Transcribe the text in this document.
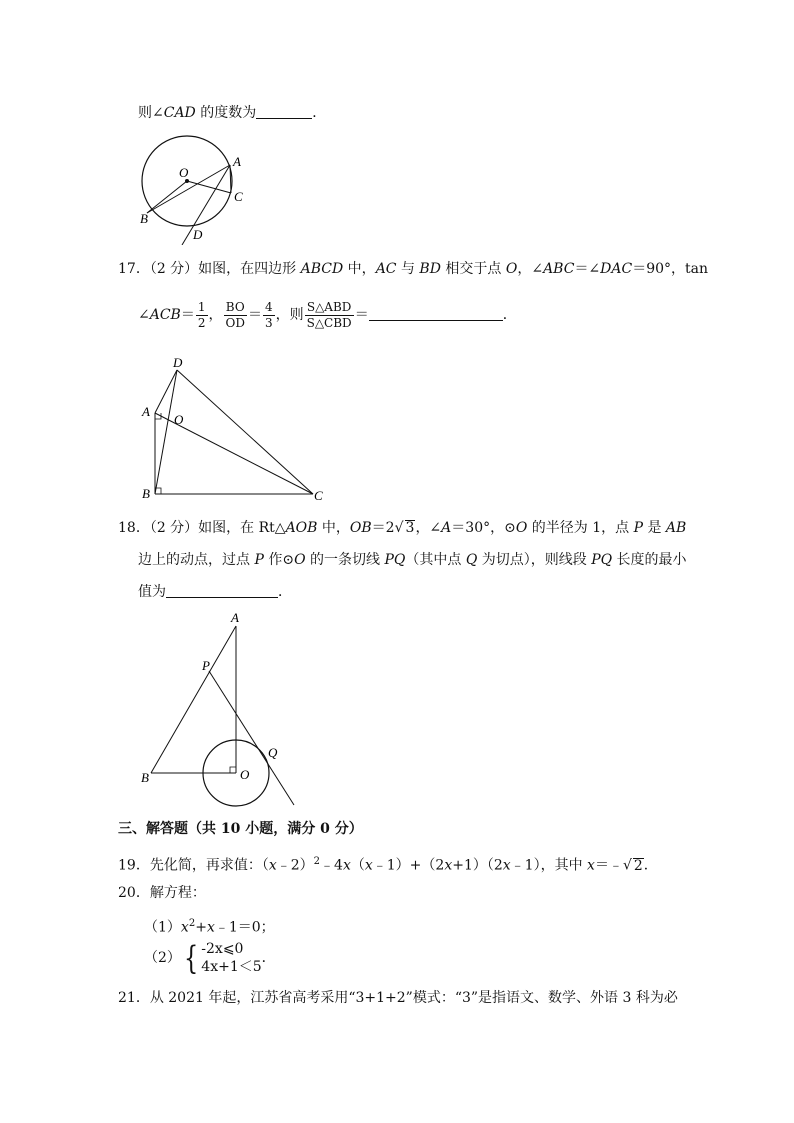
则∠CAD 的度数为	．
O
A
B
C
D
17．（2 分）如图，在四边形 ABCD 中，AC 与 BD 相交于点 O，∠ABC＝∠DAC＝90°，tan
∠ACB＝ $\frac{1}{2}$ ， $\frac{BO}{OD} = \frac{4}{3}$ ，则 $\frac{\text{S△ABD}}{\text{S△CBD}}$ ＝	．
D
A
O
B	C
18．（2 分）如图，在 Rt△AOB 中，OB＝2√ 3，∠A＝30°，⊙O 的半径为 1，点 P 是 AB
边上的动点，过点 P 作⊙O 的一条切线 PQ（其中点 Q 为切点），则线段 PQ 长度的最小
值为	．
A
P
Q
B	O
三、解答题（共 10 小题，满分 0 分）
19．先化简，再求值：（x﹣2）$^2$﹣4x（x﹣1）+（2x+1）（2x﹣1），其中 x＝﹣√ 2．
20．解方程：
$(1)x^2+x﹣1=0$；
（2）{ -2x⩽0
4x+1＜5
．
21．从 2021 年起，江苏省高考采用“3+1+2”模式：“3”是指语文、数学、外语 3 科为必
